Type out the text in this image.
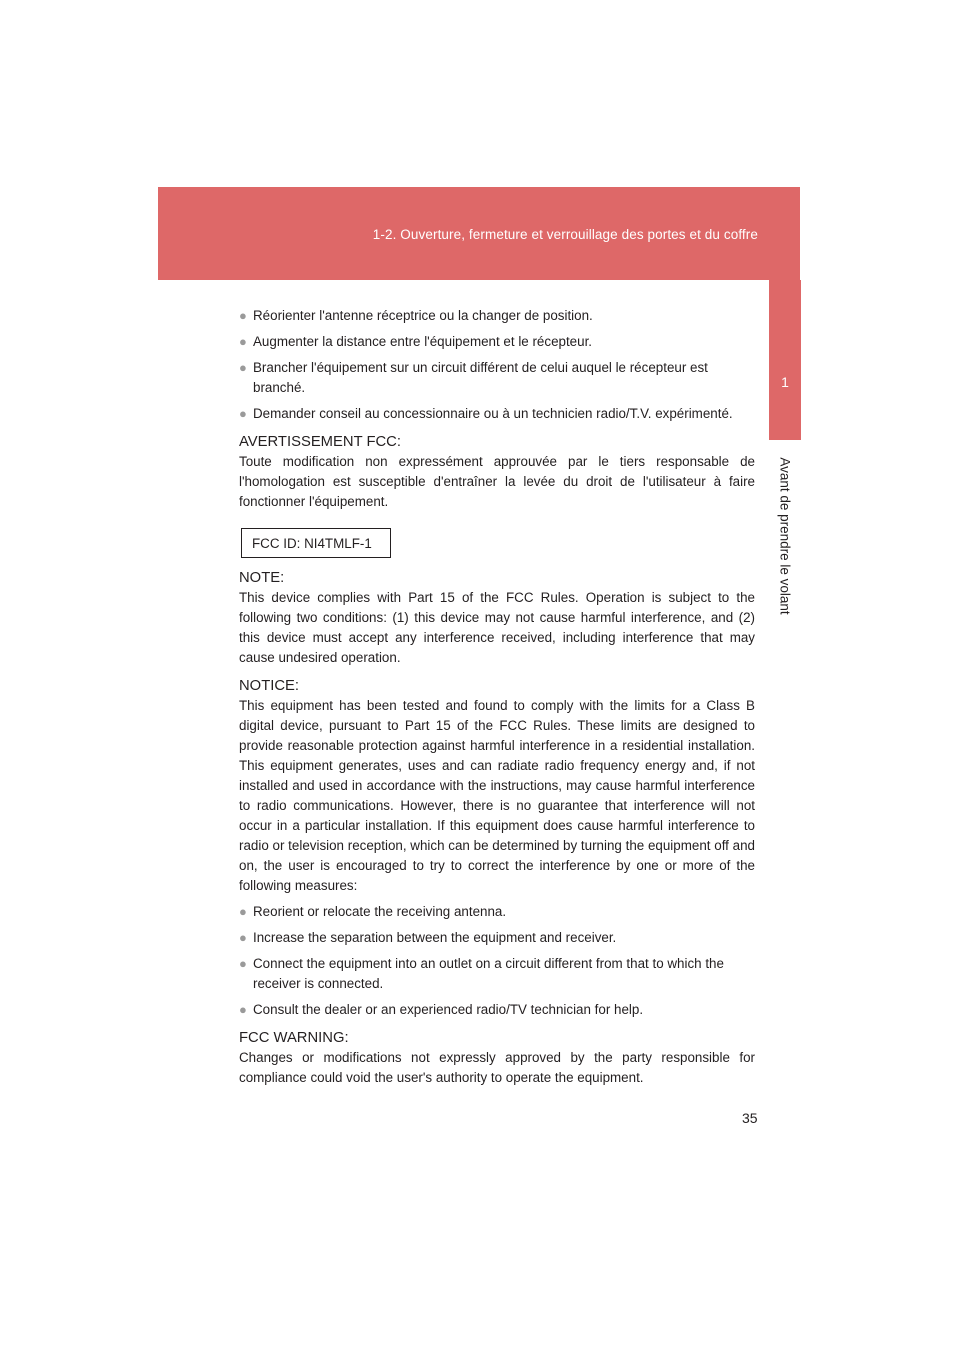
1-2. Ouverture, fermeture et verrouillage des portes et du coffre
1
Avant de prendre le volant
● Réorienter l'antenne réceptrice ou la changer de position.
● Augmenter la distance entre l'équipement et le récepteur.
● Brancher l'équipement sur un circuit différent de celui auquel le récepteur est branché.
● Demander conseil au concessionnaire ou à un technicien radio/T.V. expérimenté.
AVERTISSEMENT FCC:

Toute modification non expressément approuvée par le tiers responsable de l'homologation est susceptible d'entraîner la levée du droit de l'utilisateur à faire fonctionner l'équipement.

FCC ID: NI4TMLF-1
NOTE:

This device complies with Part 15 of the FCC Rules. Operation is subject to the following two conditions: (1) this device may not cause harmful interference, and (2) this device must accept any interference received, including interference that may cause undesired operation.

NOTICE:

This equipment has been tested and found to comply with the limits for a Class B digital device, pursuant to Part 15 of the FCC Rules. These limits are designed to provide reasonable protection against harmful interference in a residential installation. This equipment generates, uses and can radiate radio frequency energy and, if not installed and used in accordance with the instructions, may cause harmful interference to radio communications. However, there is no guarantee that interference will not occur in a particular installation. If this equipment does cause harmful interference to radio or television reception, which can be determined by turning the equipment off and on, the user is encouraged to try to correct the interference by one or more of the following measures:

● Reorient or relocate the receiving antenna.
● Increase the separation between the equipment and receiver.
● Connect the equipment into an outlet on a circuit different from that to which the receiver is connected.
● Consult the dealer or an experienced radio/TV technician for help.
FCC WARNING:

Changes or modifications not expressly approved by the party responsible for compliance could void the user's authority to operate the equipment.

35
